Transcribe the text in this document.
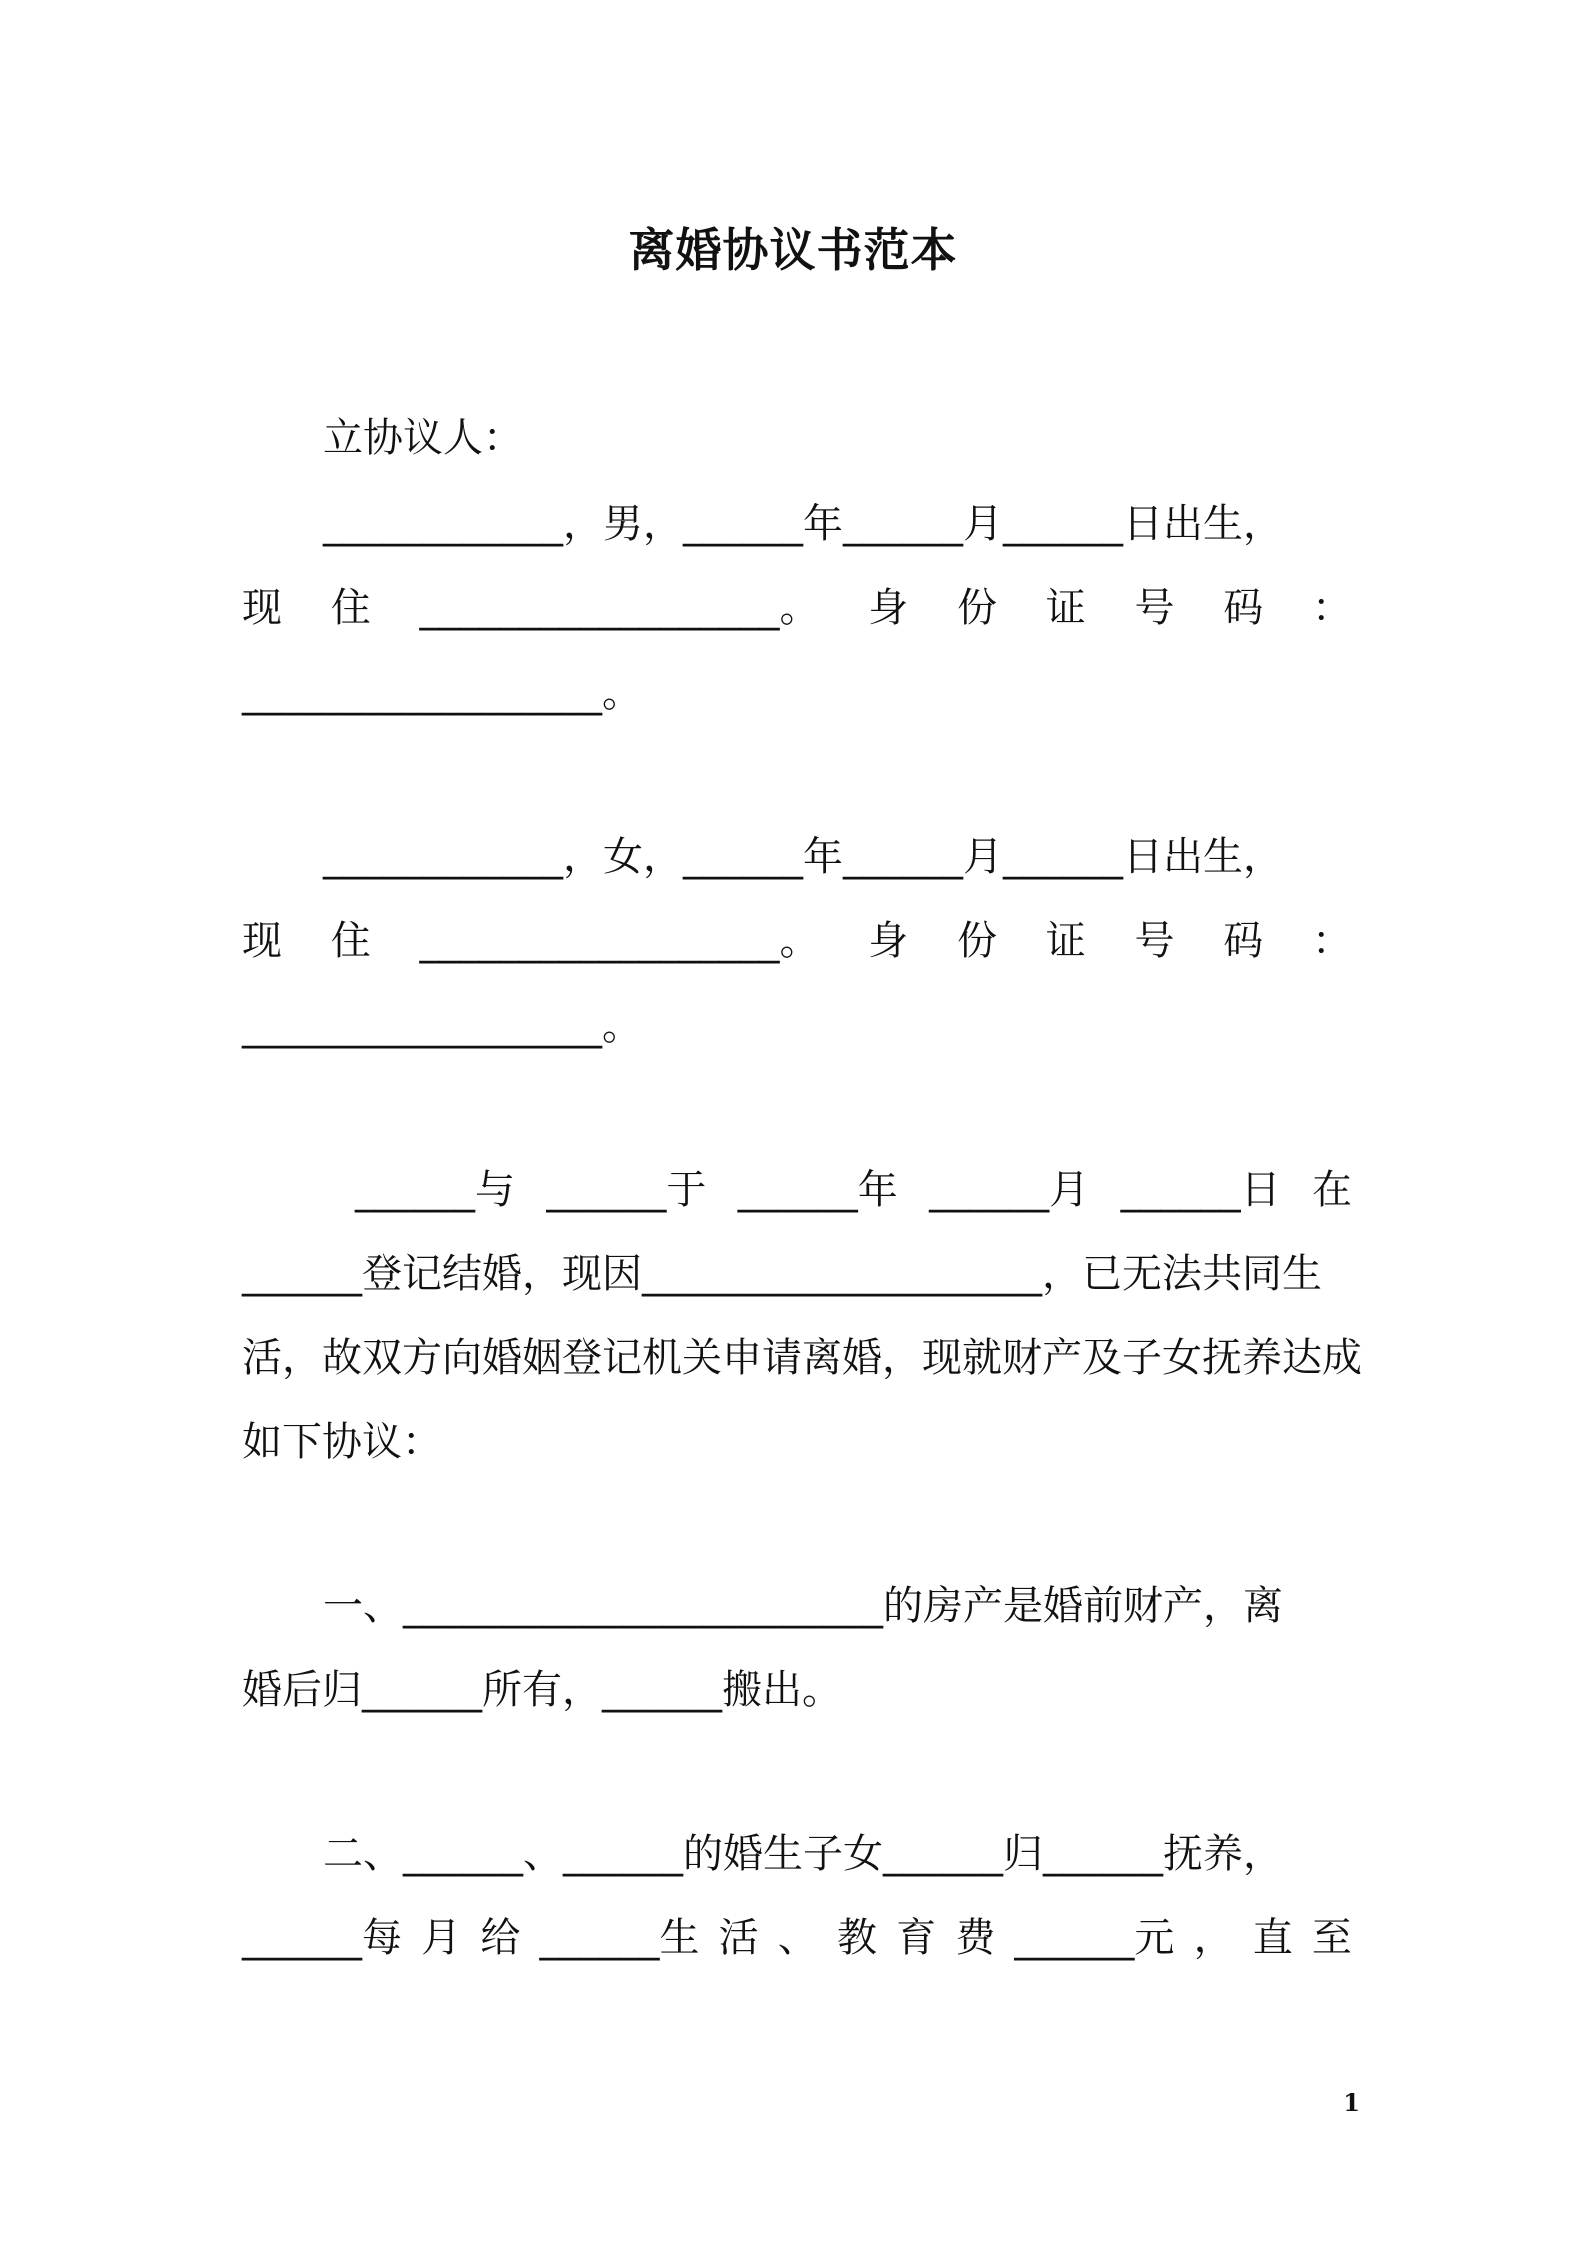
离婚协议书范本
立协议人：
____________，男，______年______月______日出生，
现 住 __________________。 身 份 证 号 码 ：
__________________。
____________，女，______年______月______日出生，
现 住 __________________。 身 份 证 号 码 ：
__________________。
______与 ______于 ______年 ______月 ______日 在
______登记结婚，现因____________________，已无法共同生
活，故双方向婚姻登记机关申请离婚，现就财产及子女抚养达成
如下协议：
一、________________________的房产是婚前财产，离
婚后归______所有，______搬出。
二、______、______的婚生子女______归______抚养，
______每 月 给 ______生 活 、 教 育 费 ______元 ， 直 至
1
